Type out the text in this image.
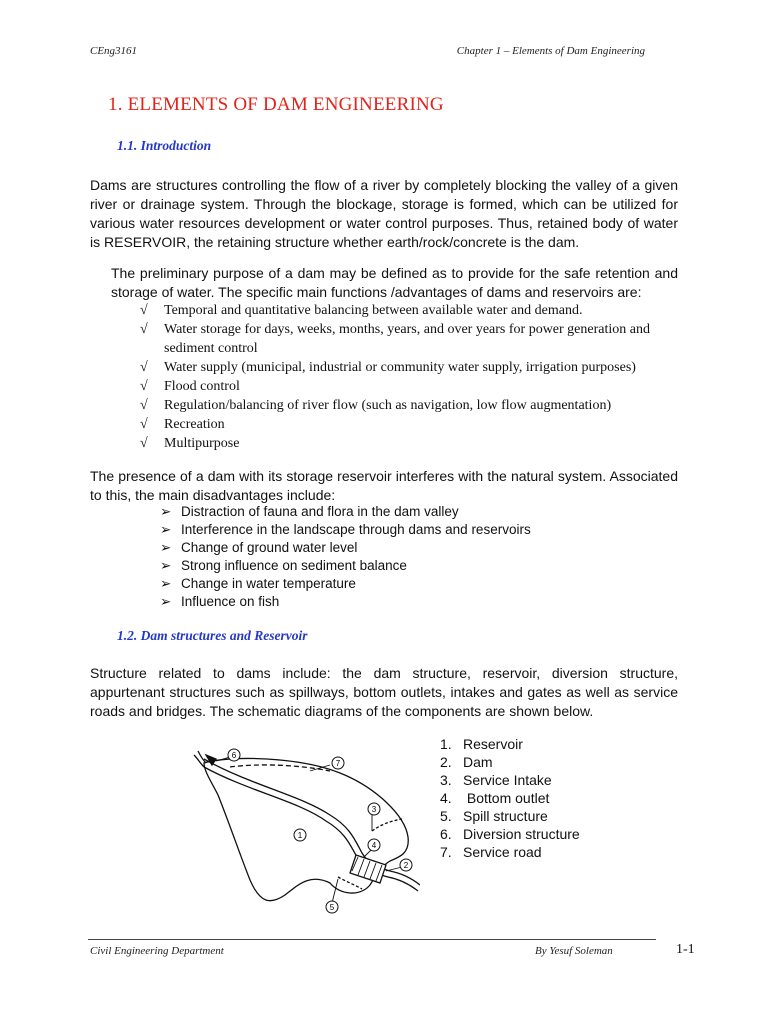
CEng3161	Chapter 1 – Elements of Dam Engineering
1. ELEMENTS OF DAM ENGINEERING
1.1. Introduction

Dams are structures controlling the flow of a river by completely blocking the valley of a given river or drainage system. Through the blockage, storage is formed, which can be utilized for various water resources development or water control purposes. Thus, retained body of water is RESERVOIR, the retaining structure whether earth/rock/concrete is the dam.

The preliminary purpose of a dam may be defined as to provide for the safe retention and storage of water. The specific main functions /advantages of dams and reservoirs are:

√ Temporal and quantitative balancing between available water and demand.
√ Water storage for days, weeks, months, years, and over years for power generation and sediment control
√ Water supply (municipal, industrial or community water supply, irrigation purposes)
√ Flood control
√ Regulation/balancing of river flow (such as navigation, low flow augmentation)
√ Recreation
√ Multipurpose

The presence of a dam with its storage reservoir interferes with the natural system. Associated to this, the main disadvantages include:

➢ Distraction of fauna and flora in the dam valley
➢ Interference in the landscape through dams and reservoirs
➢ Change of ground water level
➢ Strong influence on sediment balance
➢ Change in water temperature
➢ Influence on fish
1.2. Dam structures and Reservoir

Structure related to dams include: the dam structure, reservoir, diversion structure, appurtenant structures such as spillways, bottom outlets, intakes and gates as well as service roads and bridges. The schematic diagrams of the components are shown below.

6
7
3
4
2
5
1
1. Reservoir
2. Dam
3. Service Intake
4. Bottom outlet
5. Spill structure
6. Diversion structure
7. Service road
Civil Engineering Department	By Yesuf Soleman	1-1
